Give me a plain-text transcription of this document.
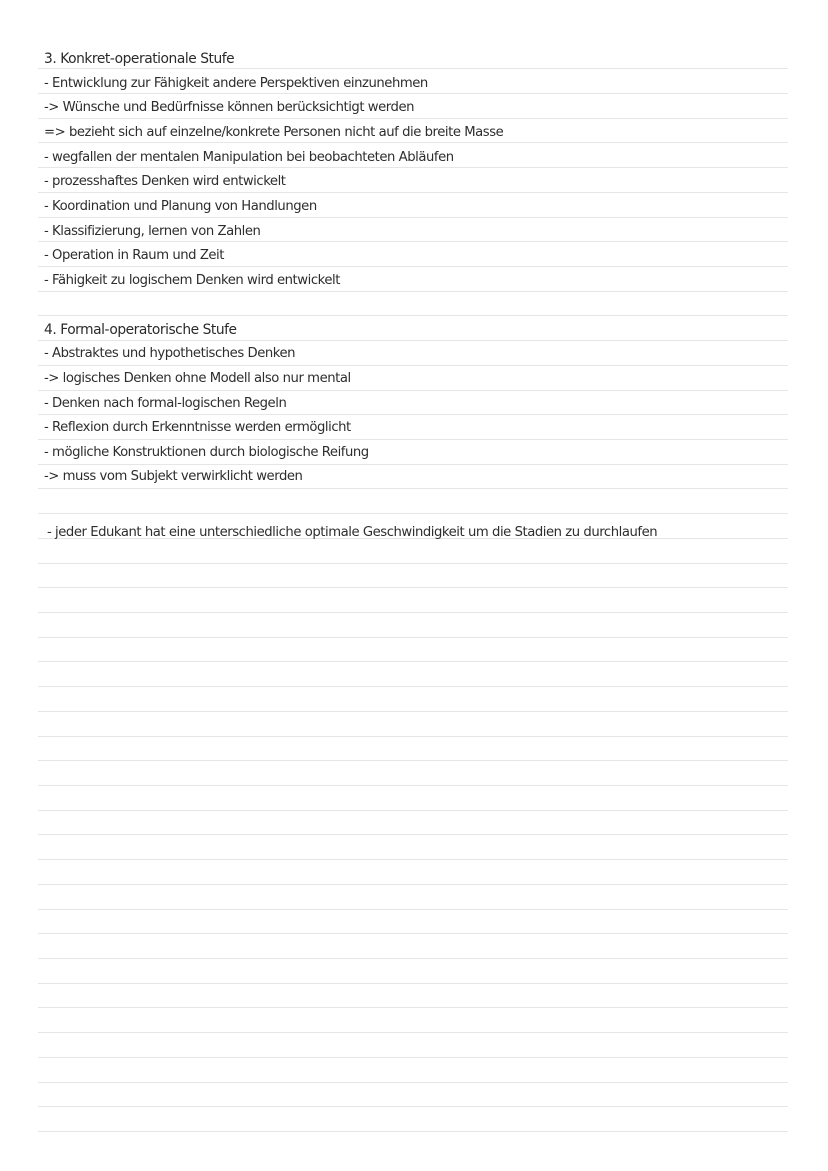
3. Konkret-operationale Stufe
- Entwicklung zur Fähigkeit andere Perspektiven einzunehmen
-> Wünsche und Bedürfnisse können berücksichtigt werden
=> bezieht sich auf einzelne/konkrete Personen nicht auf die breite Masse
- wegfallen der mentalen Manipulation bei beobachteten Abläufen
- prozesshaftes Denken wird entwickelt
- Koordination und Planung von Handlungen
- Klassifizierung, lernen von Zahlen
- Operation in Raum und Zeit
- Fähigkeit zu logischem Denken wird entwickelt
4. Formal-operatorische Stufe
- Abstraktes und hypothetisches Denken
-> logisches Denken ohne Modell also nur mental
- Denken nach formal-logischen Regeln
- Reflexion durch Erkenntnisse werden ermöglicht
- mögliche Konstruktionen durch biologische Reifung
-> muss vom Subjekt verwirklicht werden
- jeder Edukant hat eine unterschiedliche optimale Geschwindigkeit um die Stadien zu durchlaufen
